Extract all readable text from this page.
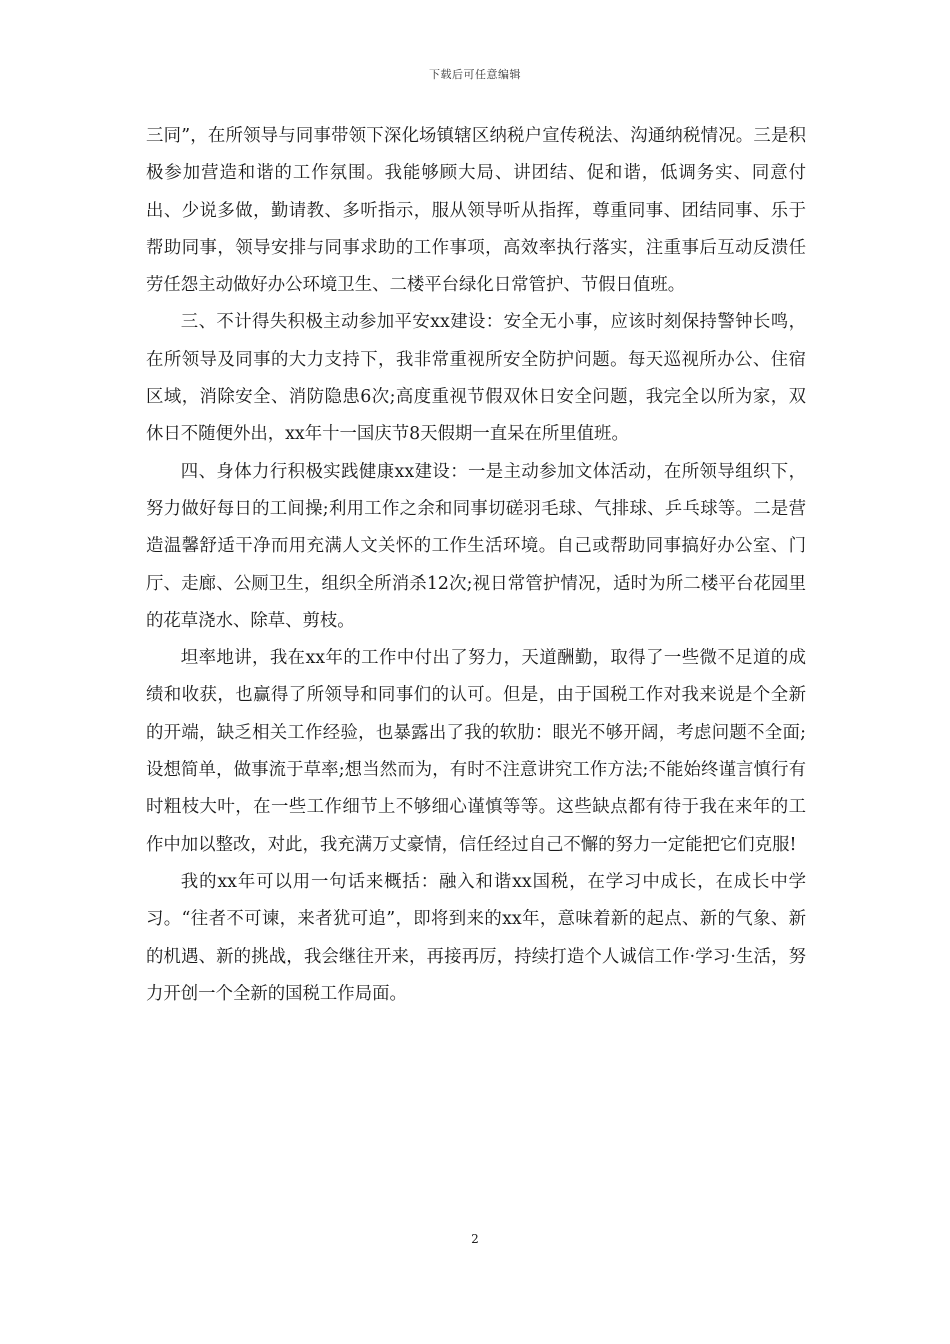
下载后可任意编辑

三同”，在所领导与同事带领下深化场镇辖区纳税户宣传税法、沟通纳税情况。三是积极参加营造和谐的工作氛围。我能够顾大局、讲团结、促和谐，低调务实、同意付出、少说多做，勤请教、多听指示，服从领导听从指挥，尊重同事、团结同事、乐于帮助同事，领导安排与同事求助的工作事项，高效率执行落实，注重事后互动反溃任劳任怨主动做好办公环境卫生、二楼平台绿化日常管护、节假日值班。

三、不计得失积极主动参加平安xx建设：安全无小事，应该时刻保持警钟长鸣，在所领导及同事的大力支持下，我非常重视所安全防护问题。每天巡视所办公、住宿区域，消除安全、消防隐患6次;高度重视节假双休日安全问题，我完全以所为家，双休日不随便外出，xx年十一国庆节8天假期一直呆在所里值班。

四、身体力行积极实践健康xx建设：一是主动参加文体活动，在所领导组织下，努力做好每日的工间操;利用工作之余和同事切磋羽毛球、气排球、乒乓球等。二是营造温馨舒适干净而用充满人文关怀的工作生活环境。自己或帮助同事搞好办公室、门厅、走廊、公厕卫生，组织全所消杀12次;视日常管护情况，适时为所二楼平台花园里的花草浇水、除草、剪枝。

坦率地讲，我在xx年的工作中付出了努力，天道酬勤，取得了一些微不足道的成绩和收获，也赢得了所领导和同事们的认可。但是，由于国税工作对我来说是个全新的开端，缺乏相关工作经验，也暴露出了我的软肋：眼光不够开阔，考虑问题不全面;设想简单，做事流于草率;想当然而为，有时不注意讲究工作方法;不能始终谨言慎行有时粗枝大叶，在一些工作细节上不够细心谨慎等等。这些缺点都有待于我在来年的工作中加以整改，对此，我充满万丈豪情，信任经过自己不懈的努力一定能把它们克服!

我的xx年可以用一句话来概括：融入和谐xx国税，在学习中成长，在成长中学习。“往者不可谏，来者犹可追”，即将到来的xx年，意味着新的起点、新的气象、新的机遇、新的挑战，我会继往开来，再接再厉，持续打造个人诚信工作·学习·生活，努力开创一个全新的国税工作局面。

2
